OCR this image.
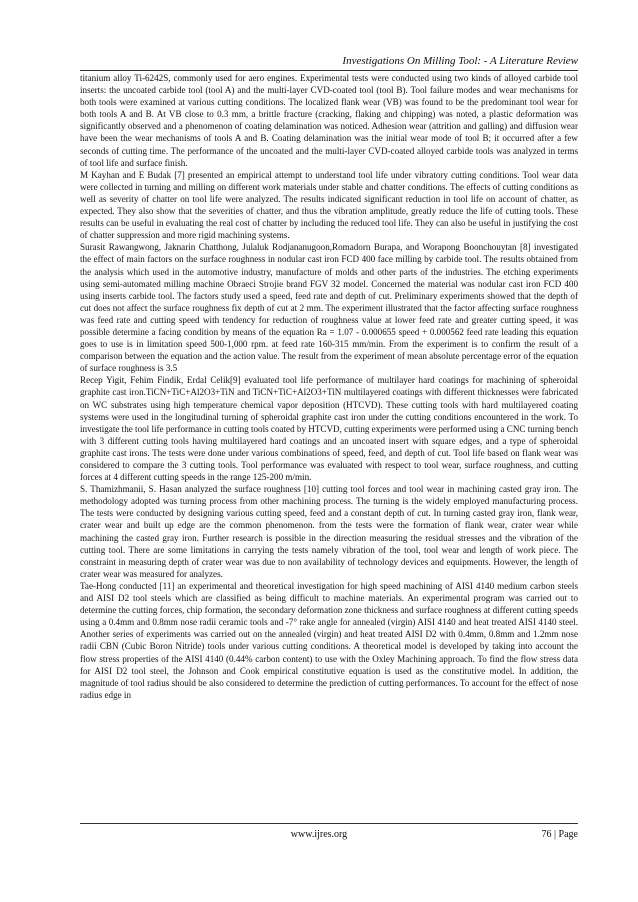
Investigations On Milling Tool: - A Literature Review

titanium alloy Ti-6242S, commonly used for aero engines. Experimental tests were conducted using two kinds of alloyed carbide tool inserts: the uncoated carbide tool (tool A) and the multi-layer CVD-coated tool (tool B). Tool failure modes and wear mechanisms for both tools were examined at various cutting conditions. The localized flank wear (VB) was found to be the predominant tool wear for both tools A and B. At VB close to 0.3 mm, a brittle fracture (cracking, flaking and chipping) was noted, a plastic deformation was significantly observed and a phenomenon of coating delamination was noticed. Adhesion wear (attrition and galling) and diffusion wear have been the wear mechanisms of tools A and B. Coating delamination was the initial wear mode of tool B; it occurred after a few seconds of cutting time. The performance of the uncoated and the multi-layer CVD-coated alloyed carbide tools was analyzed in terms of tool life and surface finish.

M Kayhan and E Budak [7] presented an empirical attempt to understand tool life under vibratory cutting conditions. Tool wear data were collected in turning and milling on different work materials under stable and chatter conditions. The effects of cutting conditions as well as severity of chatter on tool life were analyzed. The results indicated significant reduction in tool life on account of chatter, as expected. They also show that the severities of chatter, and thus the vibration amplitude, greatly reduce the life of cutting tools. These results can be useful in evaluating the real cost of chatter by including the reduced tool life. They can also be useful in justifying the cost of chatter suppression and more rigid machining systems.

Surasit Rawangwong, Jaknarin Chatthong, Julaluk Rodjananugoon,Romadorn Burapa, and Worapong Boonchouytan [8] investigated the effect of main factors on the surface roughness in nodular cast iron FCD 400 face milling by carbide tool. The results obtained from the analysis which used in the automotive industry, manufacture of molds and other parts of the industries. The etching experiments using semi-automated milling machine Obraeci Strojie brand FGV 32 model. Concerned the material was nodular cast iron FCD 400 using inserts carbide tool. The factors study used a speed, feed rate and depth of cut. Preliminary experiments showed that the depth of cut does not affect the surface roughness fix depth of cut at 2 mm. The experiment illustrated that the factor affecting surface roughness was feed rate and cutting speed with tendency for reduction of roughness value at lower feed rate and greater cutting speed, it was possible determine a facing condition by means of the equation Ra = 1.07 - 0.000655 speed + 0.000562 feed rate leading this equation goes to use is in limitation speed 500-1,000 rpm. at feed rate 160-315 mm/min. From the experiment is to confirm the result of a comparison between the equation and the action value. The result from the experiment of mean absolute percentage error of the equation of surface roughness is 3.5

Recep Yigit, Fehim Findik, Erdal Celik[9] evaluated tool life performance of multilayer hard coatings for machining of spheroidal graphite cast iron.TiCN+TiC+Al2O3+TiN and TiCN+TiC+Al2O3+TiN multilayered coatings with different thicknesses were fabricated on WC substrates using high temperature chemical vapor deposition (HTCVD). These cutting tools with hard multilayered coating systems were used in the longitudinal turning of spheroidal graphite cast iron under the cutting conditions encountered in the work. To investigate the tool life performance in cutting tools coated by HTCVD, cutting experiments were performed using a CNC turning bench with 3 different cutting tools having multilayered hard coatings and an uncoated insert with square edges, and a type of spheroidal graphite cast irons. The tests were done under various combinations of speed, feed, and depth of cut. Tool life based on flank wear was considered to compare the 3 cutting tools. Tool performance was evaluated with respect to tool wear, surface roughness, and cutting forces at 4 different cutting speeds in the range 125-200 m/min.

S. Thamizhmanii, S. Hasan analyzed the surface roughness [10] cutting tool forces and tool wear in machining casted gray iron. The methodology adopted was turning process from other machining process. The turning is the widely employed manufacturing process. The tests were conducted by designing various cutting speed, feed and a constant depth of cut. In turning casted gray iron, flank wear, crater wear and built up edge are the common phenomenon. from the tests were the formation of flank wear, crater wear while machining the casted gray iron. Further research is possible in the direction measuring the residual stresses and the vibration of the cutting tool. There are some limitations in carrying the tests namely vibration of the tool, tool wear and length of work piece. The constraint in measuring depth of crater wear was due to non availability of technology devices and equipments. However, the length of crater wear was measured for analyzes.

Tae-Hong conducted [11] an experimental and theoretical investigation for high speed machining of AISI 4140 medium carbon steels and AISI D2 tool steels which are classified as being difficult to machine materials. An experimental program was carried out to determine the cutting forces, chip formation, the secondary deformation zone thickness and surface roughness at different cutting speeds using a 0.4mm and 0.8mm nose radii ceramic tools and -7° rake angle for annealed (virgin) AISI 4140 and heat treated AISI 4140 steel. Another series of experiments was carried out on the annealed (virgin) and heat treated AISI D2 with 0.4mm, 0.8mm and 1.2mm nose radii CBN (Cubic Boron Nitride) tools under various cutting conditions. A theoretical model is developed by taking into account the flow stress properties of the AISI 4140 (0.44% carbon content) to use with the Oxley Machining approach. To find the flow stress data for AISI D2 tool steel, the Johnson and Cook empirical constitutive equation is used as the constitutive model. In addition, the magnitude of tool radius should be also considered to determine the prediction of cutting performances. To account for the effect of nose radius edge in

www.ijres.org	76 | Page
